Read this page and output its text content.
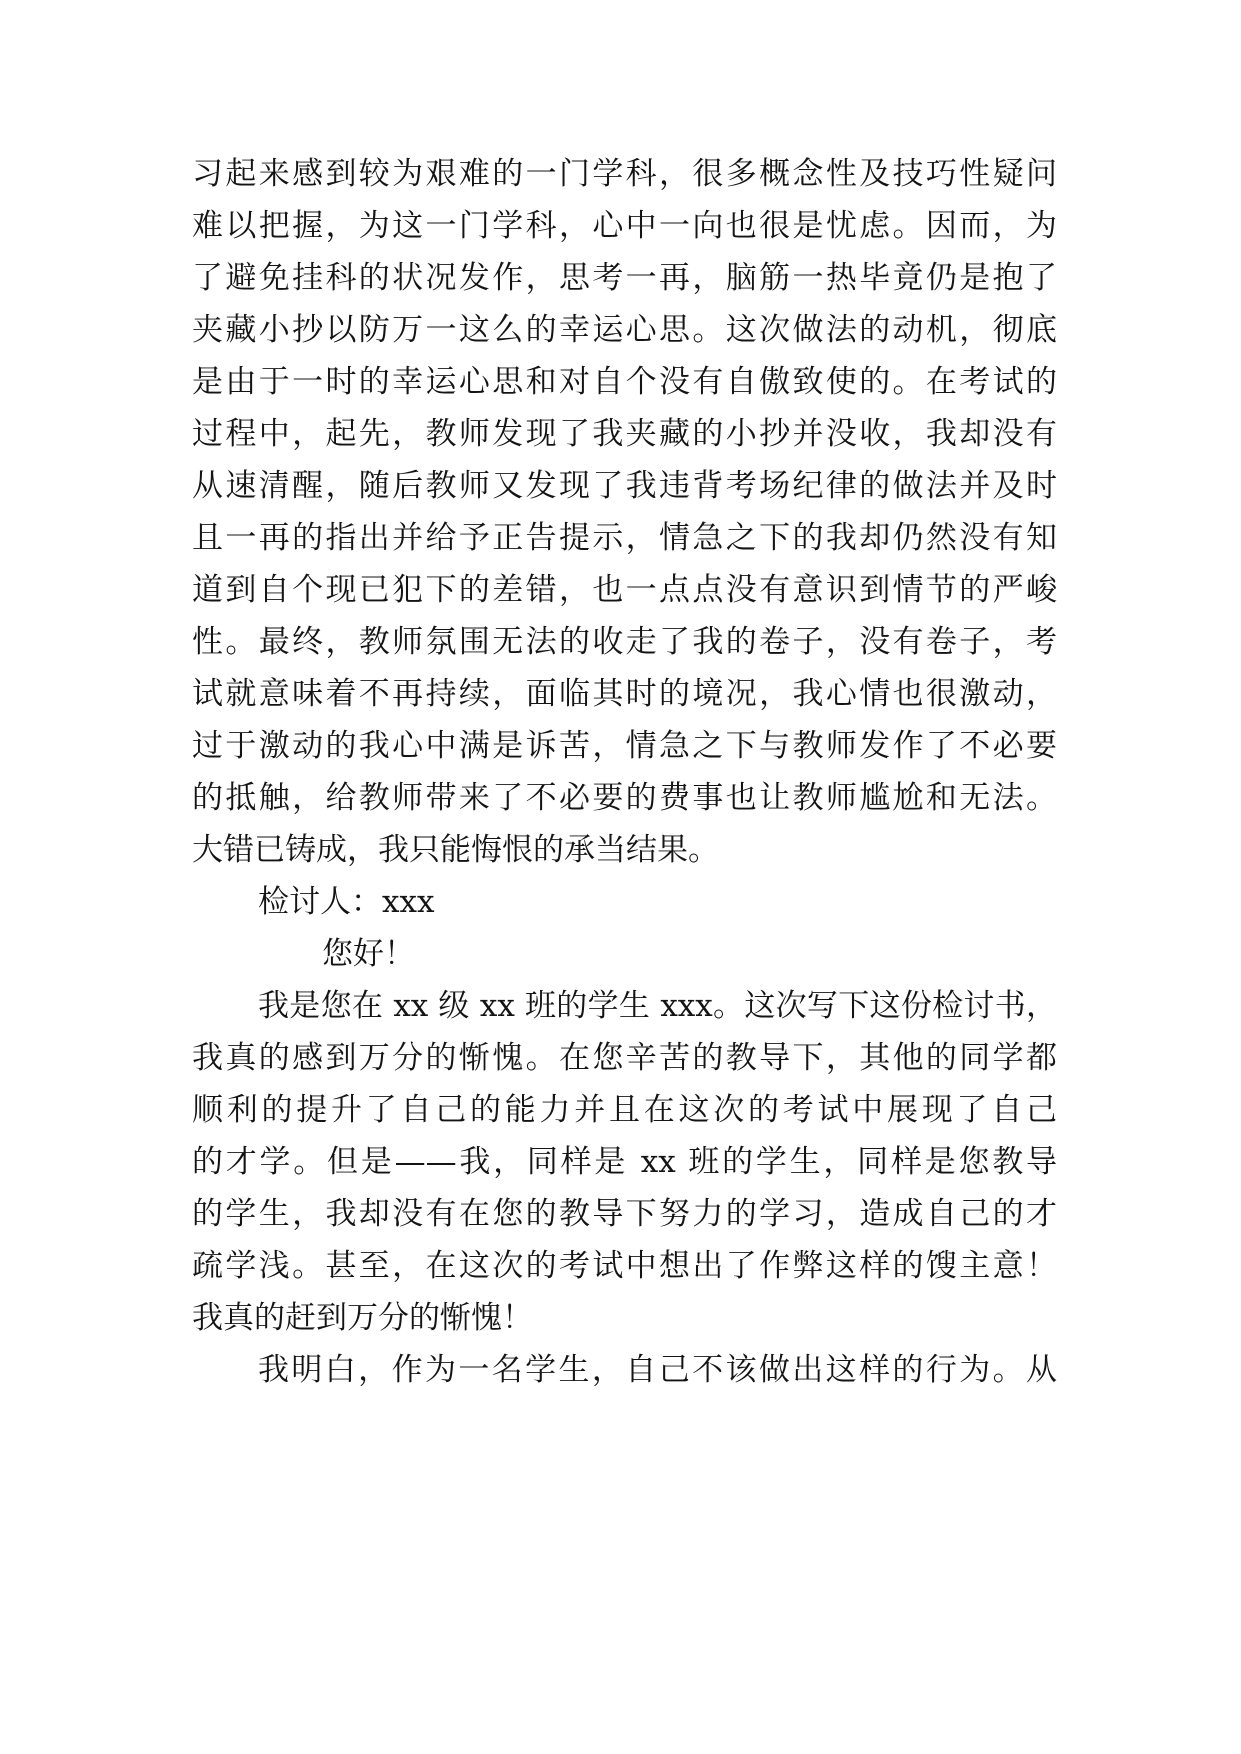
习起来感到较为艰难的一门学科，很多概念性及技巧性疑问
难以把握，为这一门学科，心中一向也很是忧虑。因而，为
了避免挂科的状况发作，思考一再，脑筋一热毕竟仍是抱了
夹藏小抄以防万一这么的幸运心思。这次做法的动机，彻底
是由于一时的幸运心思和对自个没有自傲致使的。在考试的
过程中，起先，教师发现了我夹藏的小抄并没收，我却没有
从速清醒，随后教师又发现了我违背考场纪律的做法并及时
且一再的指出并给予正告提示，情急之下的我却仍然没有知
道到自个现已犯下的差错，也一点点没有意识到情节的严峻
性。最终，教师氛围无法的收走了我的卷子，没有卷子，考
试就意味着不再持续，面临其时的境况，我心情也很激动，
过于激动的我心中满是诉苦，情急之下与教师发作了不必要
的抵触，给教师带来了不必要的费事也让教师尴尬和无法。
大错已铸成，我只能悔恨的承当结果。
检讨人：xxx
您好！
我是您在 xx 级 xx 班的学生 xxx。这次写下这份检讨书，
我真的感到万分的惭愧。在您辛苦的教导下，其他的同学都
顺利的提升了自己的能力并且在这次的考试中展现了自己
的才学。但是——我，同样是 xx 班的学生，同样是您教导
的学生，我却没有在您的教导下努力的学习，造成自己的才
疏学浅。甚至，在这次的考试中想出了作弊这样的馊主意！
我真的赶到万分的惭愧！
我明白，作为一名学生，自己不该做出这样的行为。从
